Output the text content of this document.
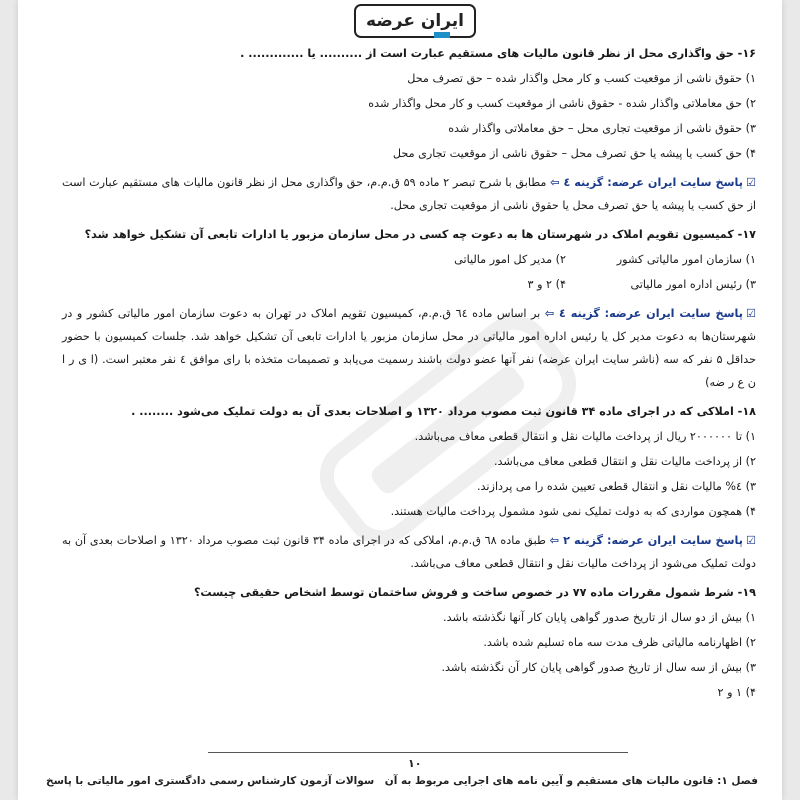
ایران عرضه
۱۶- حق واگذاری محل از نظر قانون مالیات های مستقیم عبارت است از .......... یا ............. .
۱) حقوق ناشی از موقعیت کسب و کار محل واگذار شده – حق تصرف محل
۲) حق معاملاتی واگذار شده - حقوق ناشی از موقعیت کسب و کار محل واگذار شده
۳) حقوق ناشی از موقعیت تجاری محل – حق معاملاتی واگذار شده
۴) حق کسب یا پیشه یا حق تصرف محل – حقوق ناشی از موقعیت تجاری محل
☑پاسخ سایت ایران عرضه: گزینه ٤ ⇦ مطابق با شرح تبصر ۲ ماده ۵۹ ق.م.م، حق واگذاری محل از نظر قانون مالیات های مستقیم عبارت است از حق کسب یا پیشه یا حق تصرف محل یا حقوق ناشی از موقعیت تجاری محل.
۱۷- کمیسیون تقویم املاک در شهرستان ها به دعوت چه کسی در محل سازمان مزبور یا ادارات تابعی آن تشکیل خواهد شد؟
۱) سازمان امور مالیاتی کشور
۲) مدیر کل امور مالیاتی
۳) رئیس اداره امور مالیاتی
۴) ۲ و ۳
☑پاسخ سایت ایران عرضه: گزینه ٤ ⇦ بر اساس ماده ٦٤ ق.م.م، کمیسیون تقویم املاک در تهران به دعوت سازمان امور مالیاتی کشور و در شهرستان‌ها به دعوت مدیر کل یا رئیس اداره امور مالیاتی در محل سازمان مزبور یا ادارات تابعی آن تشکیل خواهد شد. جلسات کمیسیون با حضور حداقل ۵ نفر که سه (ناشر سایت ایران عرضه) نفر آنها عضو دولت باشند رسمیت می‌یابد و تصمیمات متخذه با رای موافق ٤ نفر معتبر است. (ا ی ر ا ن ع ر ضه)
۱۸- املاکی که در اجرای ماده ۳۴ قانون ثبت مصوب مرداد ۱۳۲۰ و اصلاحات بعدی آن به دولت تملیک می‌شود ........ .
۱) تا ۲۰۰۰۰۰۰ ریال از پرداخت مالیات نقل و انتقال قطعی معاف می‌باشد.
۲) از پرداخت مالیات نقل و انتقال قطعی معاف می‌باشد.
۳) ٤% مالیات نقل و انتقال قطعی تعیین شده را می پردازند.
۴) همچون مواردی که به دولت تملیک نمی شود مشمول پرداخت مالیات هستند.
☑پاسخ سایت ایران عرضه: گزینه ۲ ⇦ طبق ماده ٦٨ ق.م.م، املاکی که در اجرای ماده ۳۴ قانون ثبت مصوب مرداد ۱۳۲۰ و اصلاحات بعدی آن به دولت تملیک می‌شود از پرداخت مالیات نقل و انتقال قطعی معاف می‌باشد.
۱۹- شرط شمول مقررات ماده ۷۷ در خصوص ساخت و فروش ساختمان توسط اشخاص حقیقی چیست؟
۱) بیش از دو سال از تاریخ صدور گواهی پایان کار آنها نگذشته باشد.
۲) اظهارنامه مالیاتی ظرف مدت سه ماه تسلیم شده باشد.
۳) بیش از سه سال از تاریخ صدور گواهی پایان کار آن نگذشته باشد.
۴) ۱ و ۲
۱۰
فصل ۱: قانون مالیات های مستقیم و آیین نامه های اجرایی مربوط به آن
سوالات آزمون کارشناس رسمی دادگستری امور مالیاتی با پاسخ
